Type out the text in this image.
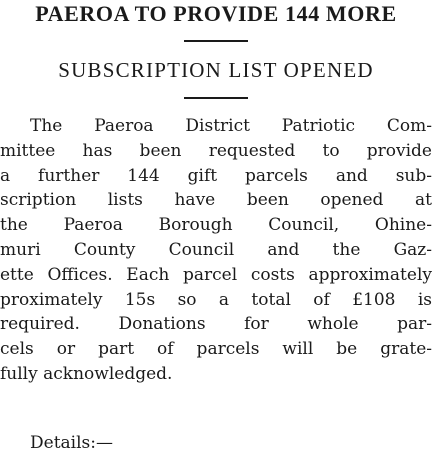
PAEROA TO PROVIDE 144 MORE
SUBSCRIPTION LIST OPENED
The Paeroa District Patriotic Com-
mittee has been requested to provide
a further 144 gift parcels and sub-
scription lists have been opened at
the Paeroa Borough Council, Ohine-
muri County Council and the Gaz-
ette Offices. Each parcel costs approximately
proximately 15s so a total of £108 is
required. Donations for whole par-
cels or part of parcels will be grate-
fully acknowledged.
Details:—
